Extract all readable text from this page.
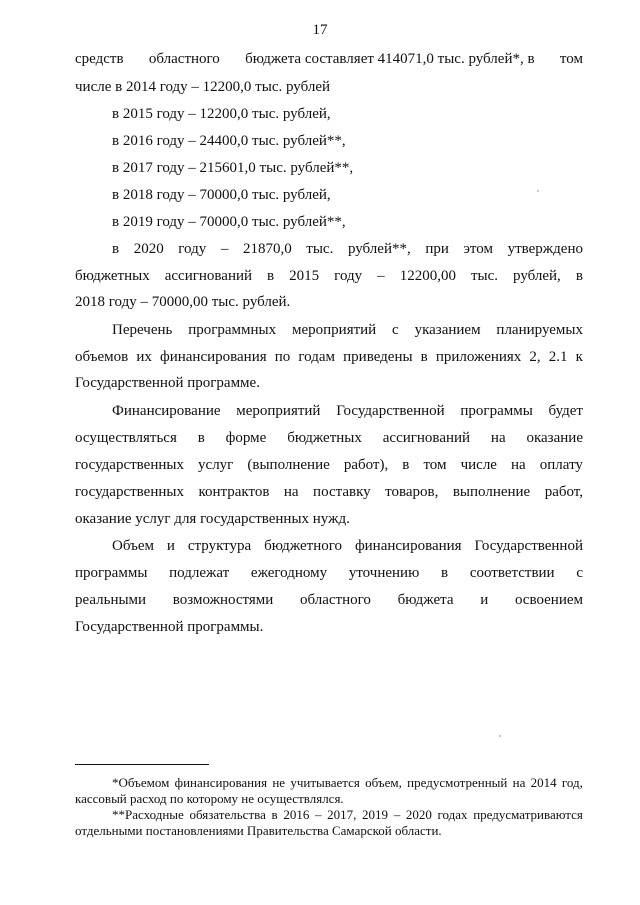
17
средств областного бюджета составляет 414071,0 тыс. рублей*, в том
числе в 2014 году – 12200,0 тыс. рублей
в 2015 году – 12200,0 тыс. рублей,
в 2016 году – 24400,0 тыс. рублей**,
в 2017 году – 215601,0 тыс. рублей**,
в 2018 году – 70000,0 тыс. рублей,
в 2019 году – 70000,0 тыс. рублей**,
в 2020 году – 21870,0 тыс. рублей**, при этом утверждено
бюджетных ассигнований в 2015 году – 12200,00 тыс. рублей, в
2018 году – 70000,00 тыс. рублей.
Перечень программных мероприятий с указанием планируемых
объемов их финансирования по годам приведены в приложениях 2, 2.1 к
Государственной программе.
Финансирование мероприятий Государственной программы будет
осуществляться в форме бюджетных ассигнований на оказание
государственных услуг (выполнение работ), в том числе на оплату
государственных контрактов на поставку товаров, выполнение работ,
оказание услуг для государственных нужд.
Объем и структура бюджетного финансирования Государственной
программы подлежат ежегодному уточнению в соответствии с
реальными возможностями областного бюджета и освоением
Государственной программы.
*Объемом финансирования не учитывается объем, предусмотренный на 2014 год,
кассовый расход по которому не осуществлялся.
**Расходные обязательства в 2016 – 2017, 2019 – 2020 годах предусматриваются
отдельными постановлениями Правительства Самарской области.
